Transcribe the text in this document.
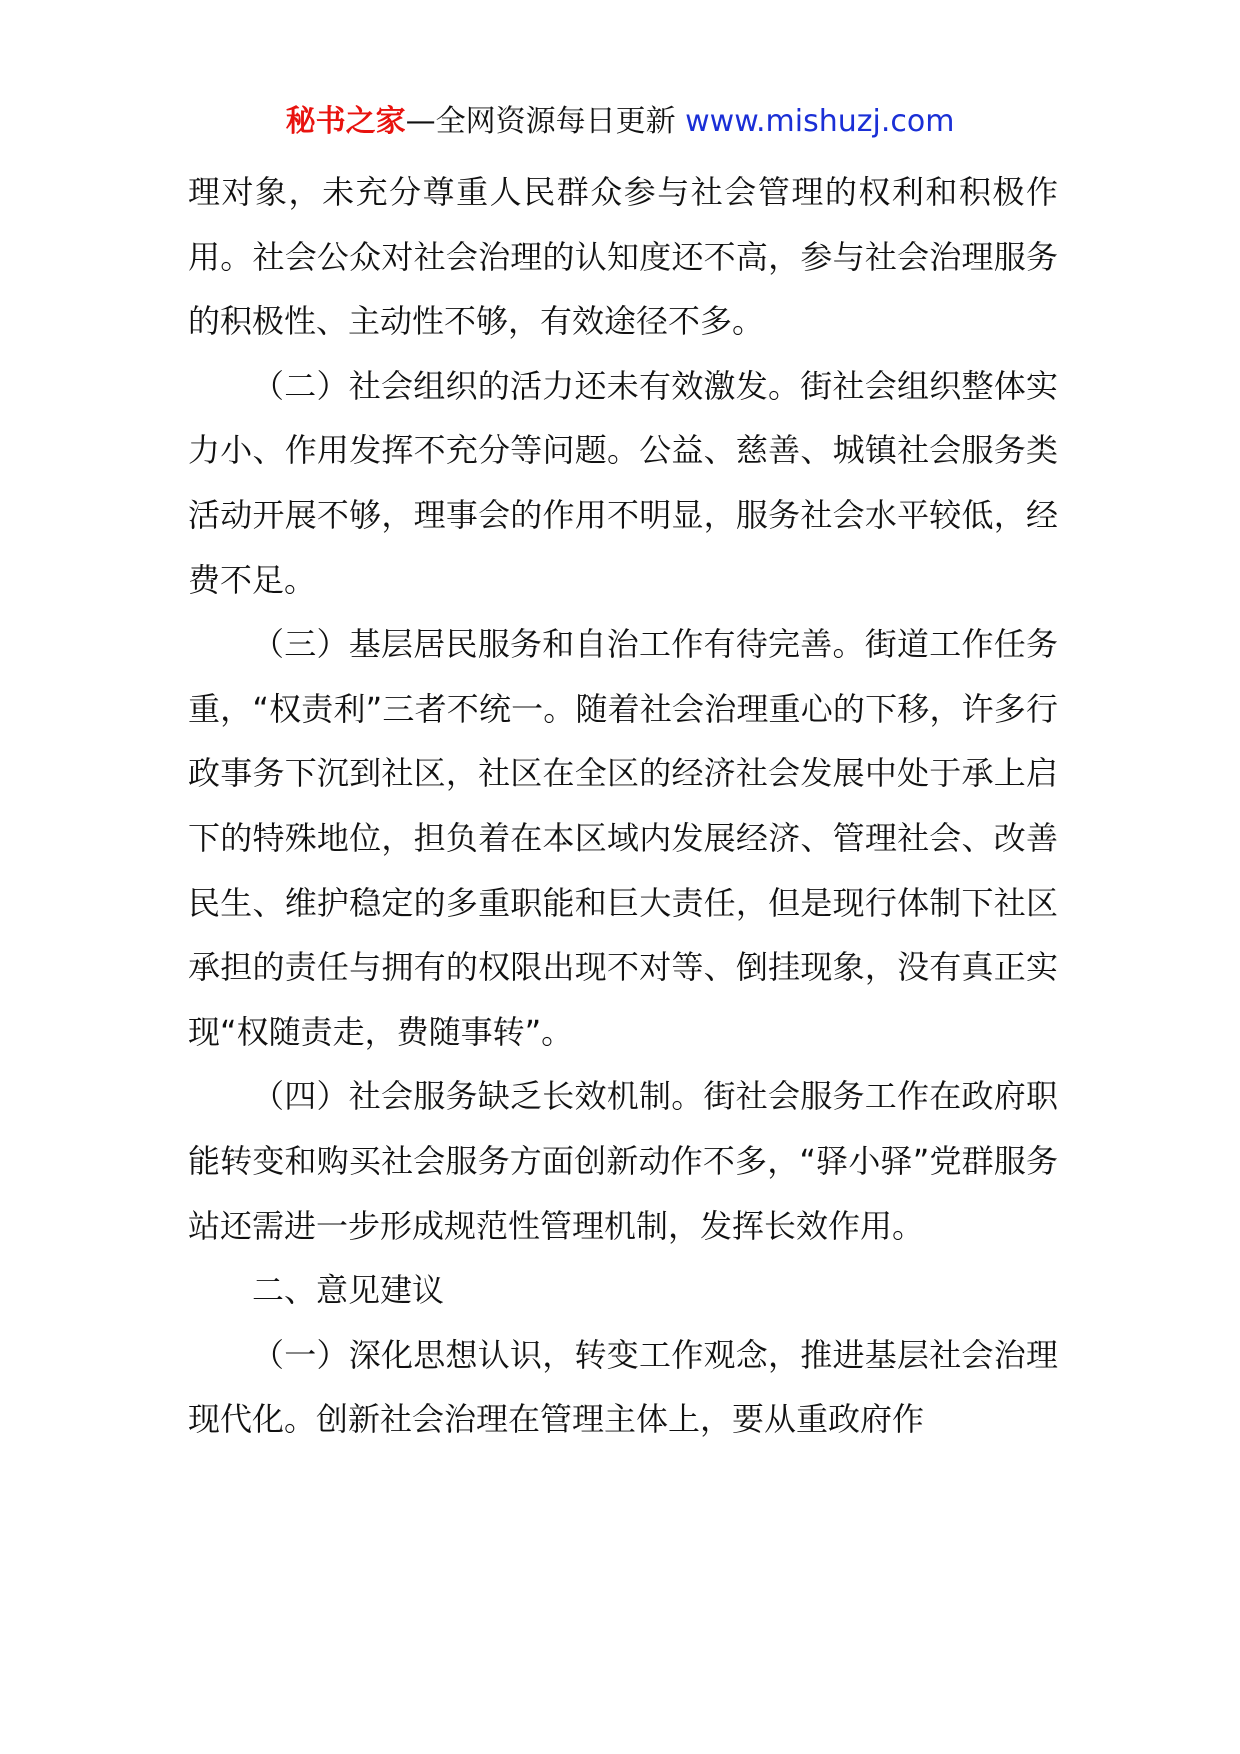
秘书之家—全网资源每日更新 www.mishuzj.com

理对象，未充分尊重人民群众参与社会管理的权利和积极作用。社会公众对社会治理的认知度还不高，参与社会治理服务的积极性、主动性不够，有效途径不多。

（二）社会组织的活力还未有效激发。街社会组织整体实力小、作用发挥不充分等问题。公益、慈善、城镇社会服务类活动开展不够，理事会的作用不明显，服务社会水平较低，经费不足。

（三）基层居民服务和自治工作有待完善。街道工作任务重，“权责利”三者不统一。随着社会治理重心的下移，许多行政事务下沉到社区，社区在全区的经济社会发展中处于承上启下的特殊地位，担负着在本区域内发展经济、管理社会、改善民生、维护稳定的多重职能和巨大责任，但是现行体制下社区承担的责任与拥有的权限出现不对等、倒挂现象，没有真正实现“权随责走，费随事转”。

（四）社会服务缺乏长效机制。街社会服务工作在政府职能转变和购买社会服务方面创新动作不多，“驿小驿”党群服务站还需进一步形成规范性管理机制，发挥长效作用。

二、意见建议

（一）深化思想认识，转变工作观念，推进基层社会治理现代化。创新社会治理在管理主体上，要从重政府作
